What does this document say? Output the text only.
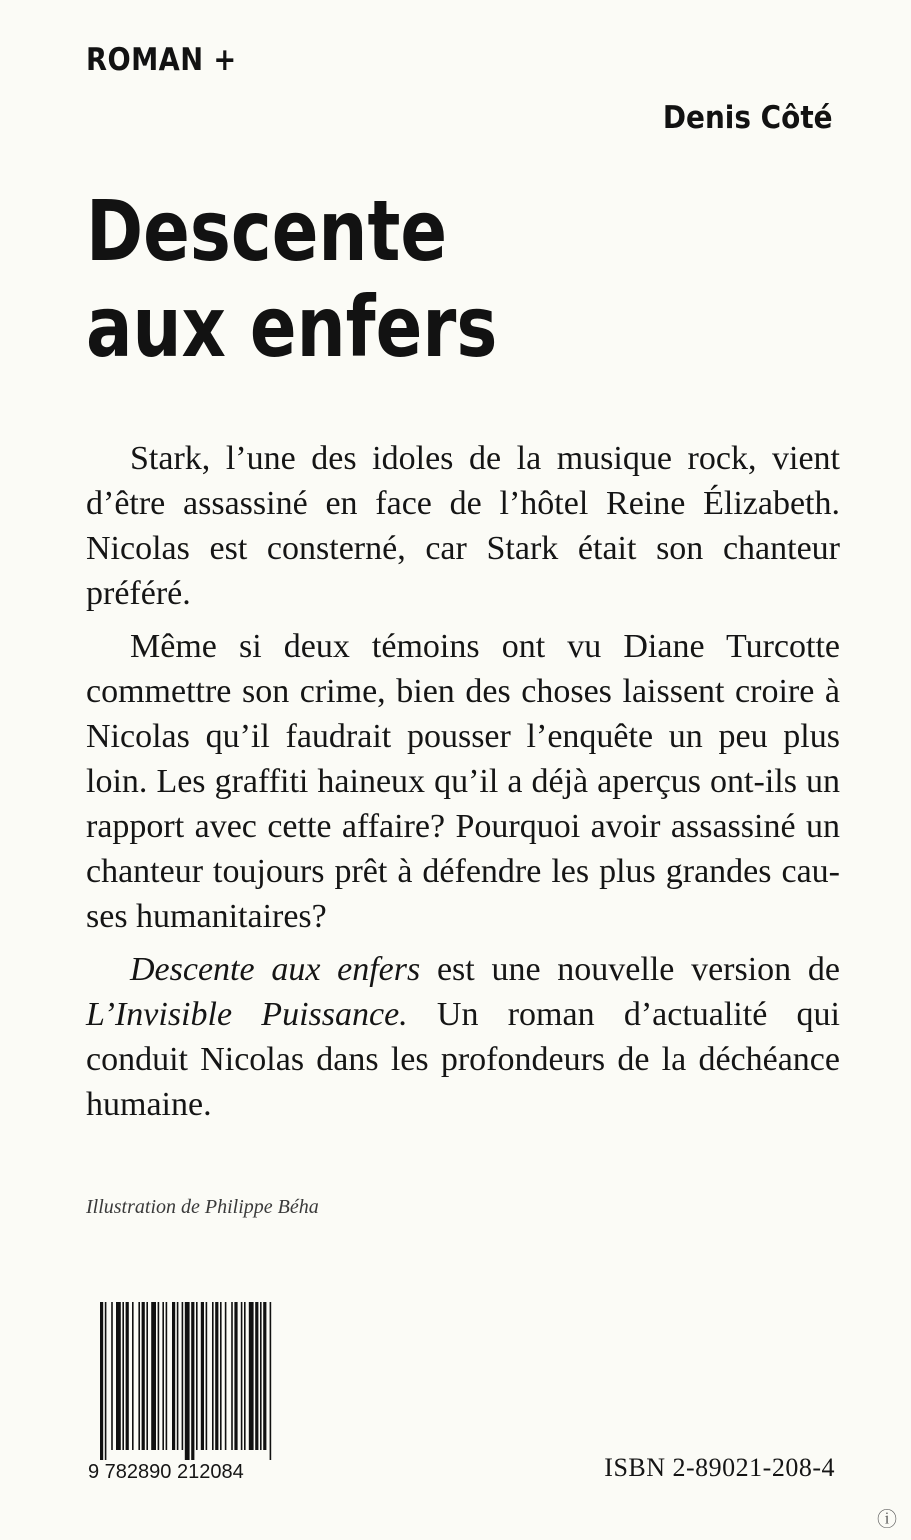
ROMAN +
Denis Côté
Descente
aux enfers

Stark, l’une des idoles de la musique rock, vient d’être assassiné en face de l’hôtel Reine Élizabeth. Nicolas est consterné, car Stark était son chanteur préféré.

Même si deux témoins ont vu Diane Turcotte commettre son crime, bien des choses laissent croire à Nicolas qu’il faudrait pousser l’enquête un peu plus loin. Les graffiti haineux qu’il a déjà aperçus ont-ils un rapport avec cette affaire? Pourquoi avoir assassiné un chanteur toujours prêt à défendre les plus grandes causes humanitaires?

Descente aux enfers est une nouvelle version de L’Invisible Puissance. Un roman d’actualité qui conduit Nicolas dans les profondeurs de la déchéance humaine.

Illustration de Philippe Béha
9 782890 212084	ISBN 2-89021-208-4
ⓘ
